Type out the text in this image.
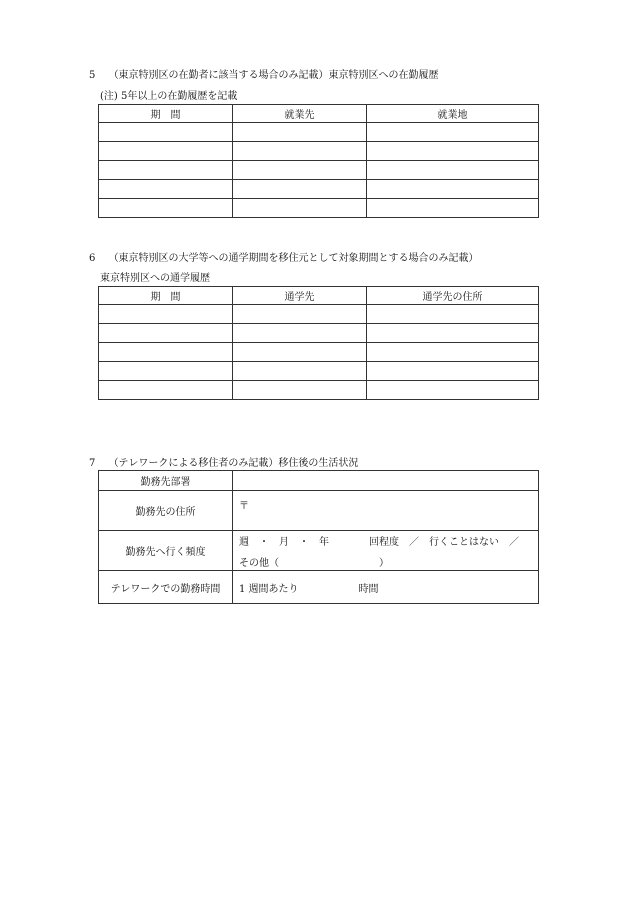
5 （東京特別区の在勤者に該当する場合のみ記載）東京特別区への在勤履歴
(注) 5年以上の在勤履歴を記載
期　間	就業先	就業地

6 （東京特別区の大学等への通学期間を移住元として対象期間とする場合のみ記載）
東京特別区への通学履歴
期　間	通学先	通学先の住所

7 （テレワークによる移住者のみ記載）移住後の生活状況
勤務先部署	
勤務先の住所	〒
勤務先へ行く頻度	週　・　月　・　年　　　　回程度　／　行くことはない　／
その他（　　　　　　　　　　）

テレワークでの勤務時間	1 週間あたり　　　　　　時間
